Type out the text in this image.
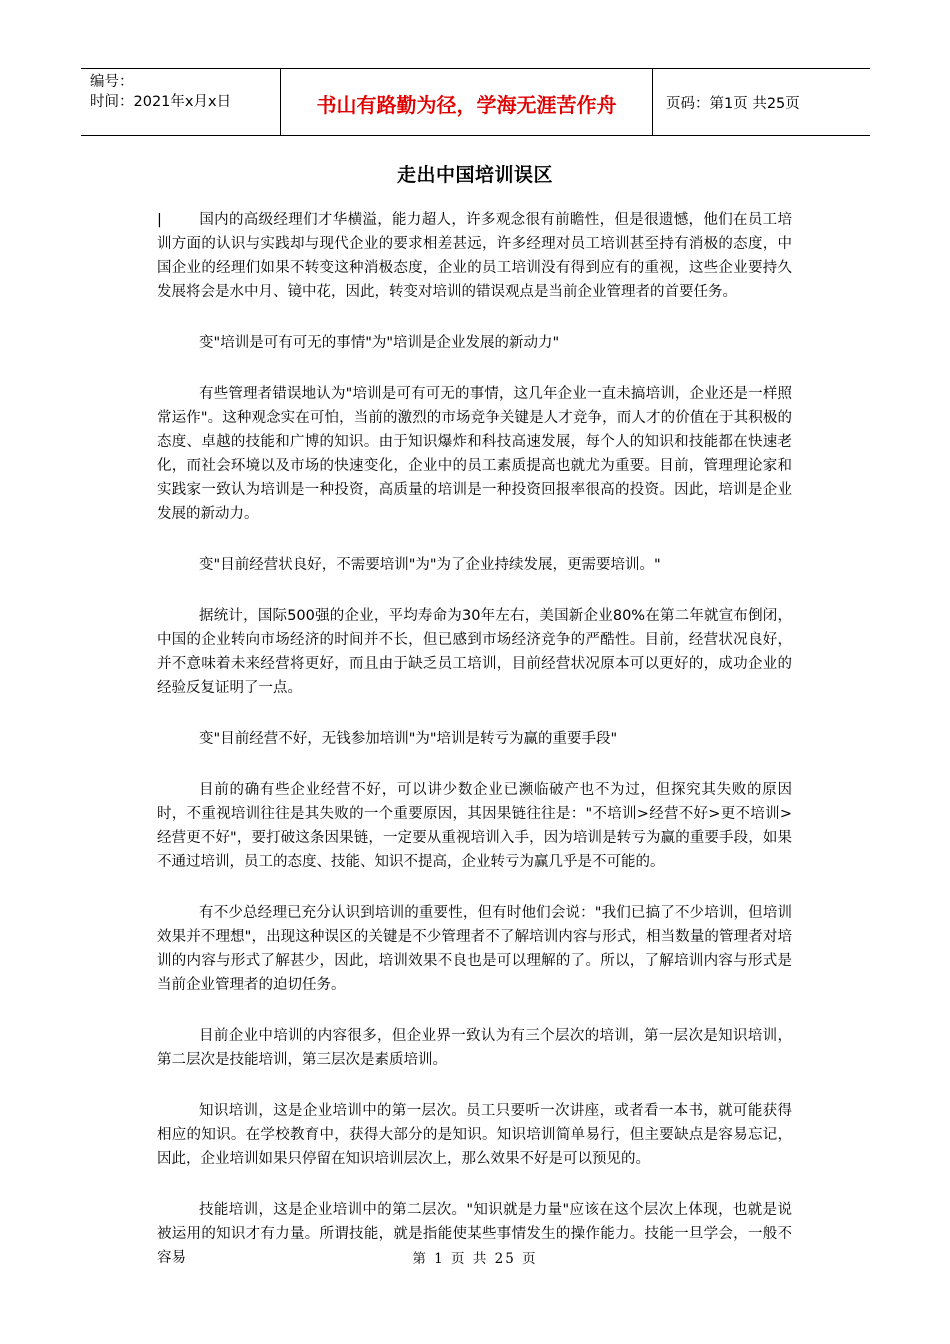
编号：
时间：2021年x月x日	书山有路勤为径，学海无涯苦作舟	页码：第1页 共25页
走出中国培训误区

|	国内的高级经理们才华横溢，能力超人，许多观念很有前瞻性，但是很遗憾，他们在员工培训方面的认识与实践却与现代企业的要求相差甚远，许多经理对员工培训甚至持有消极的态度，中国企业的经理们如果不转变这种消极态度，企业的员工培训没有得到应有的重视，这些企业要持久发展将会是水中月、镜中花，因此，转变对培训的错误观点是当前企业管理者的首要任务。

变"培训是可有可无的事情"为"培训是企业发展的新动力"

有些管理者错误地认为"培训是可有可无的事情，这几年企业一直未搞培训，企业还是一样照常运作"。这种观念实在可怕，当前的激烈的市场竞争关键是人才竞争，而人才的价值在于其积极的态度、卓越的技能和广博的知识。由于知识爆炸和科技高速发展，每个人的知识和技能都在快速老化，而社会环境以及市场的快速变化，企业中的员工素质提高也就尤为重要。目前，管理理论家和实践家一致认为培训是一种投资，高质量的培训是一种投资回报率很高的投资。因此，培训是企业发展的新动力。

变"目前经营状良好，不需要培训"为"为了企业持续发展，更需要培训。"

据统计，国际500强的企业，平均寿命为30年左右，美国新企业80%在第二年就宣布倒闭，中国的企业转向市场经济的时间并不长，但已感到市场经济竞争的严酷性。目前，经营状况良好，并不意味着未来经营将更好，而且由于缺乏员工培训，目前经营状况原本可以更好的，成功企业的经验反复证明了一点。

变"目前经营不好，无钱参加培训"为"培训是转亏为赢的重要手段"

目前的确有些企业经营不好，可以讲少数企业已濒临破产也不为过，但探究其失败的原因时，不重视培训往往是其失败的一个重要原因，其因果链往往是："不培训>经营不好>更不培训>经营更不好"，要打破这条因果链，一定要从重视培训入手，因为培训是转亏为赢的重要手段，如果不通过培训，员工的态度、技能、知识不提高，企业转亏为赢几乎是不可能的。

有不少总经理已充分认识到培训的重要性，但有时他们会说："我们已搞了不少培训，但培训效果并不理想"，出现这种误区的关键是不少管理者不了解培训内容与形式，相当数量的管理者对培训的内容与形式了解甚少，因此，培训效果不良也是可以理解的了。所以，了解培训内容与形式是当前企业管理者的迫切任务。

目前企业中培训的内容很多，但企业界一致认为有三个层次的培训，第一层次是知识培训，第二层次是技能培训，第三层次是素质培训。

知识培训，这是企业培训中的第一层次。员工只要听一次讲座，或者看一本书，就可能获得相应的知识。在学校教育中，获得大部分的是知识。知识培训简单易行，但主要缺点是容易忘记，因此，企业培训如果只停留在知识培训层次上，那么效果不好是可以预见的。

技能培训，这是企业培训中的第二层次。"知识就是力量"应该在这个层次上体现，也就是说被运用的知识才有力量。所谓技能，就是指能使某些事情发生的操作能力。技能一旦学会，一般不容易	第 1 页 共 25 页
